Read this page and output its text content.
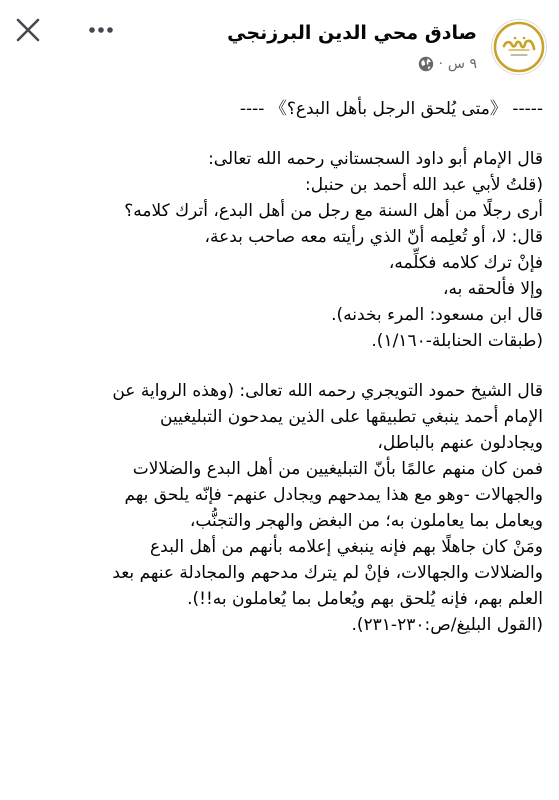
صادق محي الدين البرزنجي
٩ س
·

----- 《متى يُلحق الرجل بأهل البدع؟》 ----

قال الإمام أبو داود السجستاني رحمه الله تعالى:

(قلتُ لأبي عبد الله أحمد بن حنبل:

أرى رجلًا من أهل السنة مع رجل من أهل البدع، أترك كلامه؟

قال: لا، أو تُعلِمه أنّ الذي رأيته معه صاحب بدعة،

فإنْ ترك كلامه فكلِّمه،

وإلا فألحقه به،

قال ابن مسعود: المرء بخدنه).

(طبقات الحنابلة-١/١٦٠).

قال الشيخ حمود التويجري رحمه الله تعالى: (وهذه الرواية عن

الإمام أحمد ينبغي تطبيقها على الذين يمدحون التبليغيين

ويجادلون عنهم بالباطل،

فمن كان منهم عالمًا بأنّ التبليغيين من أهل البدع والضلالات

والجهالات -وهو مع هذا يمدحهم ويجادل عنهم- فإنّه يلحق بهم

ويعامل بما يعاملون به؛ من البغض والهجر والتجنُّب،

ومَنْ كان جاهلًا بهم فإنه ينبغي إعلامه بأنهم من أهل البدع

والضلالات والجهالات، فإنْ لم يترك مدحهم والمجادلة عنهم بعد

العلم بهم، فإنه يُلحق بهم ويُعامل بما يُعاملون به!!).

(القول البليغ/ص:٢٣٠-٢٣١).
